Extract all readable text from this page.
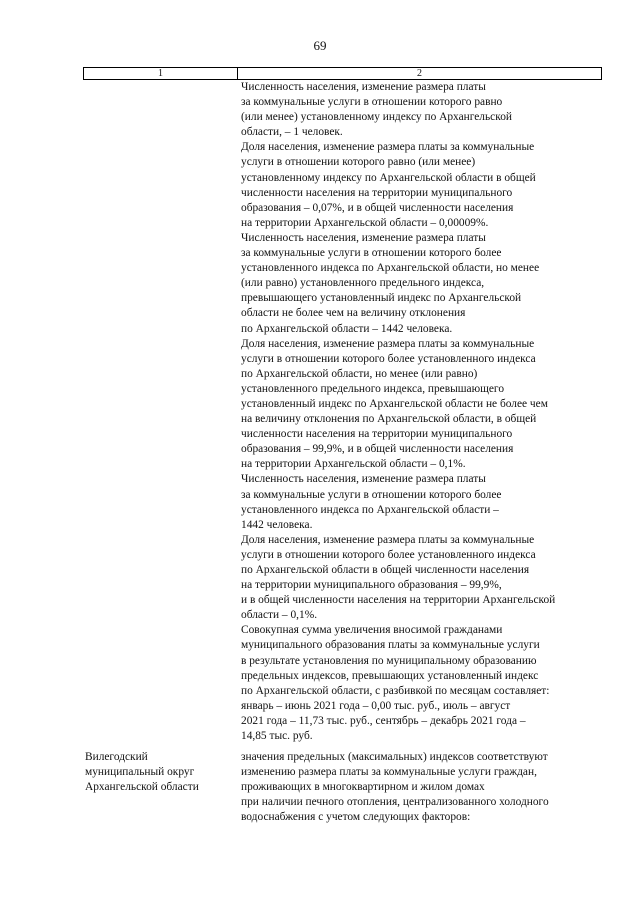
69
1	2
Численность населения, изменение размера платы
за коммунальные услуги в отношении которого равно
(или менее) установленному индексу по Архангельской
области, – 1 человек.
Доля населения, изменение размера платы за коммунальные
услуги в отношении которого равно (или менее)
установленному индексу по Архангельской области в общей
численности населения на территории муниципального
образования – 0,07%, и в общей численности населения
на территории Архангельской области – 0,00009%.
Численность населения, изменение размера платы
за коммунальные услуги в отношении которого более
установленного индекса по Архангельской области, но менее
(или равно) установленного предельного индекса,
превышающего установленный индекс по Архангельской
области не более чем на величину отклонения
по Архангельской области – 1442 человека.
Доля населения, изменение размера платы за коммунальные
услуги в отношении которого более установленного индекса
по Архангельской области, но менее (или равно)
установленного предельного индекса, превышающего
установленный индекс по Архангельской области не более чем
на величину отклонения по Архангельской области, в общей
численности населения на территории муниципального
образования – 99,9%, и в общей численности населения
на территории Архангельской области – 0,1%.
Численность населения, изменение размера платы
за коммунальные услуги в отношении которого более
установленного индекса по Архангельской области –
1442 человека.
Доля населения, изменение размера платы за коммунальные
услуги в отношении которого более установленного индекса
по Архангельской области в общей численности населения
на территории муниципального образования – 99,9%,
и в общей численности населения на территории Архангельской
области – 0,1%.
Совокупная сумма увеличения вносимой гражданами
муниципального образования платы за коммунальные услуги
в результате установления по муниципальному образованию
предельных индексов, превышающих установленный индекс
по Архангельской области, с разбивкой по месяцам составляет:
январь – июнь 2021 года – 0,00 тыс. руб., июль – август
2021 года – 11,73 тыс. руб., сентябрь – декабрь 2021 года –
14,85 тыс. руб.
Вилегодский
муниципальный округ
Архангельской области
значения предельных (максимальных) индексов соответствуют
изменению размера платы за коммунальные услуги граждан,
проживающих в многоквартирном и жилом домах
при наличии печного отопления, централизованного холодного
водоснабжения с учетом следующих факторов:
